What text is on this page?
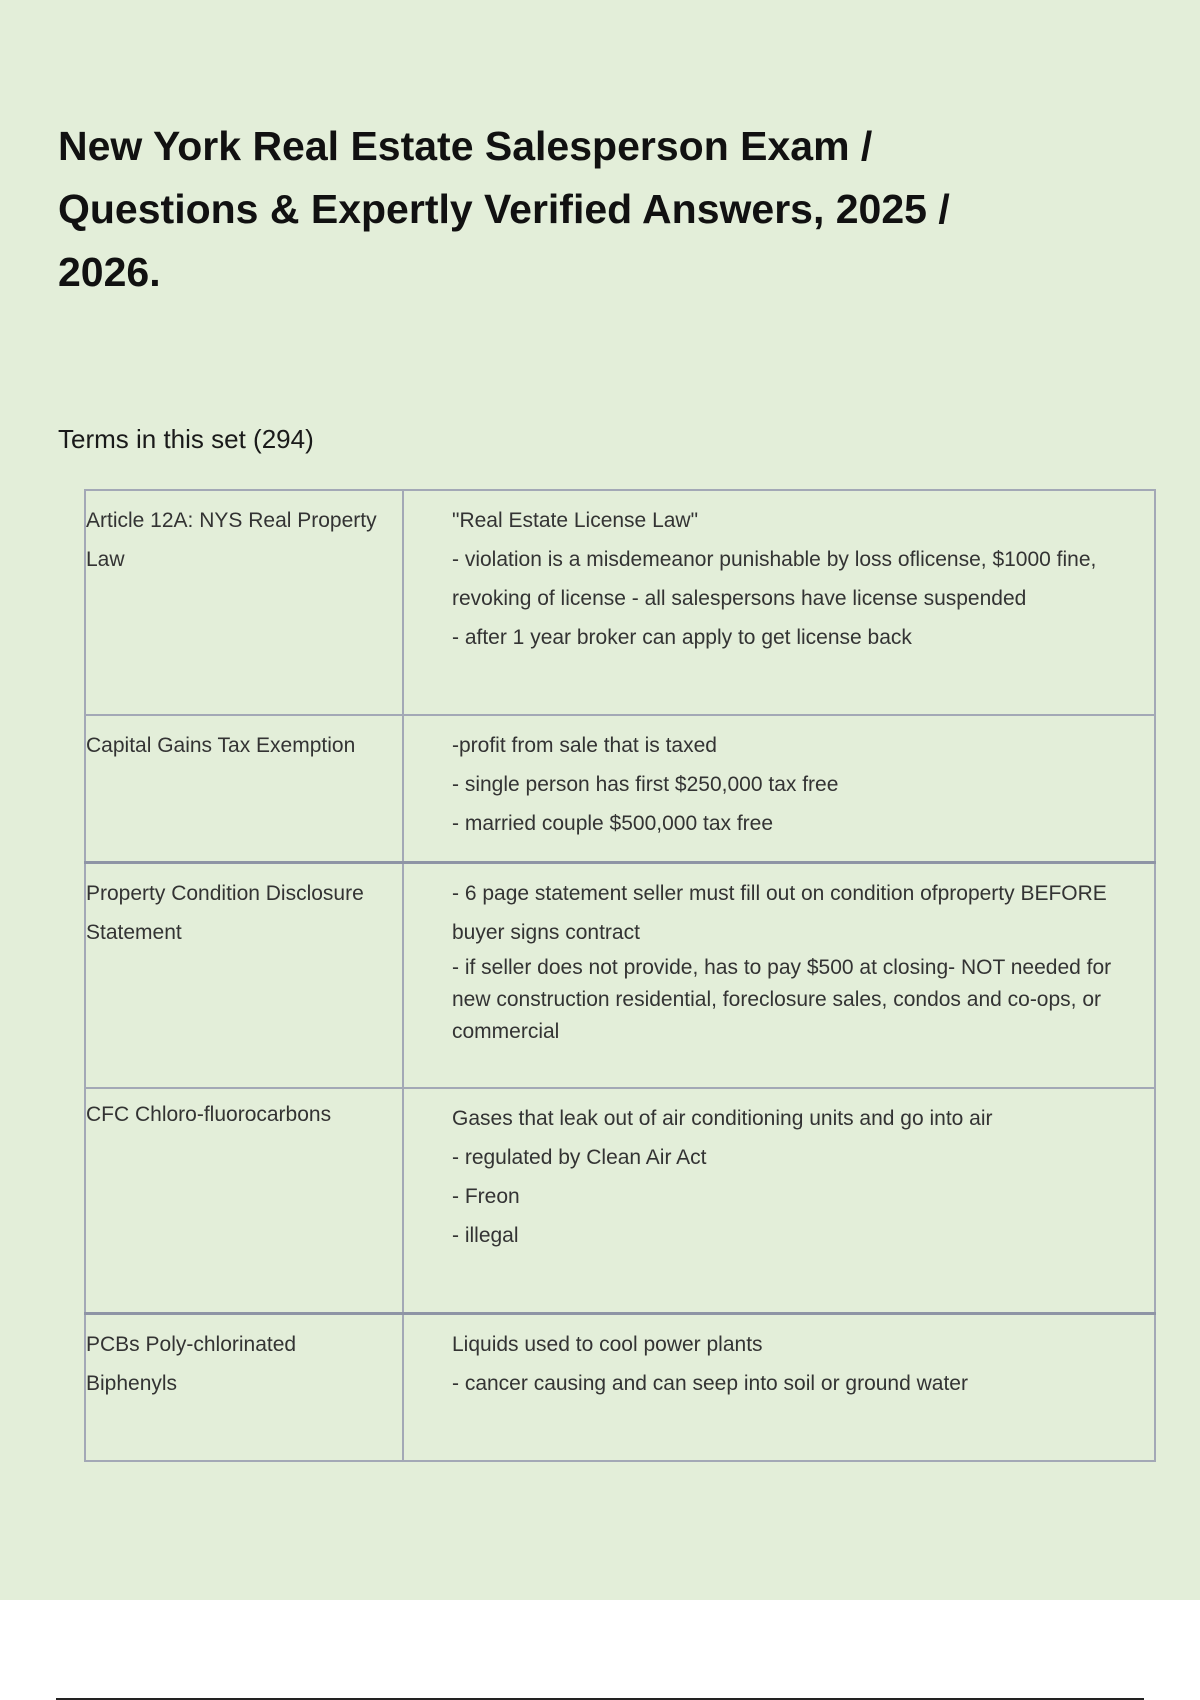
New York Real Estate Salesperson Exam / Questions & Expertly Verified Answers, 2025 / 2026.

Terms in this set (294)

Article 12A: NYS Real Property Law	"Real Estate License Law"
- violation is a misdemeanor punishable by loss oflicense, $1000 fine, revoking of license - all salespersons have license suspended
- after 1 year broker can apply to get license back

Capital Gains Tax Exemption	-profit from sale that is taxed
- single person has first $250,000 tax free
- married couple $500,000 tax free

Property Condition Disclosure Statement	- 6 page statement seller must fill out on condition ofproperty BEFORE buyer signs contract
- if seller does not provide, has to pay $500 at closing- NOT needed for new construction residential, foreclosure sales, condos and co-ops, or commercial

CFC Chloro-fluorocarbons	Gases that leak out of air conditioning units and go into air
- regulated by Clean Air Act
- Freon
- illegal

PCBs Poly-chlorinated Biphenyls	Liquids used to cool power plants
- cancer causing and can seep into soil or ground water
